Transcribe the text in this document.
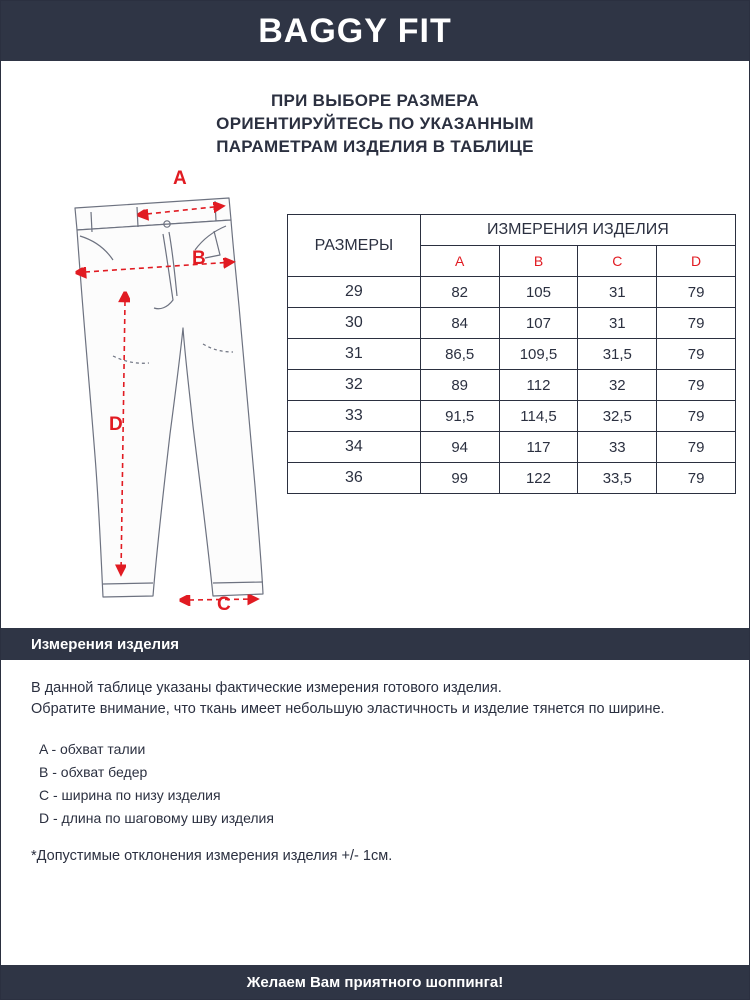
BAGGY FIT
ПРИ ВЫБОРЕ РАЗМЕРА
ОРИЕНТИРУЙТЕСЬ ПО УКАЗАННЫМ
ПАРАМЕТРАМ ИЗДЕЛИЯ В ТАБЛИЦЕ
A
B
C
D
РАЗМЕРЫ	ИЗМЕРЕНИЯ ИЗДЕЛИЯ			
	A	B	C	D
29	82	105	31	79
30	84	107	31	79
31	86,5	109,5	31,5	79
32	89	112	32	79
33	91,5	114,5	32,5	79
34	94	117	33	79
36	99	122	33,5	79
Измерения изделия

В данной таблице указаны фактические измерения готового изделия.

Обратите внимание, что ткань имеет небольшую эластичность и изделие тянется по ширине.

A - обхват талии
B - обхват бедер
C - ширина по низу изделия
D - длина по шаговому шву изделия
*Допустимые отклонения измерения изделия +/- 1см.
Желаем Вам приятного шоппинга!
